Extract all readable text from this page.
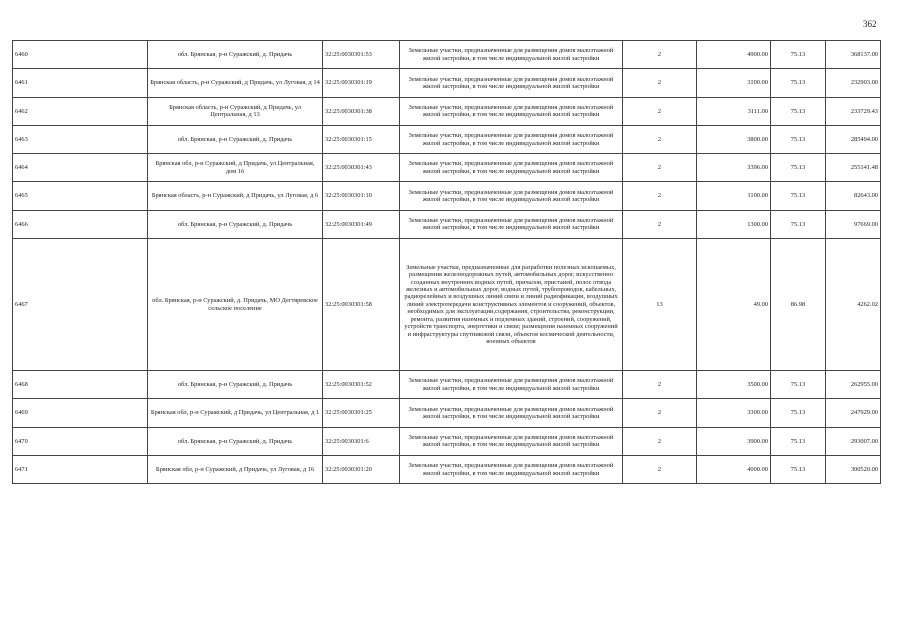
362
6460	обл. Брянская, р-н Суражский, д. Придачь	32:25:0030301:53	Земельные участки, предназначенные для размещения домов малоэтажной жилой застройки, в том числе индивидуальной жилой застройки	2	4900.00	75.13	368137.00
6461	Брянская область, р-н Суражский, д Придачь, ул Луговая, д 14	32:25:0030301:19	Земельные участки, предназначенные для размещения домов малоэтажной жилой застройки, в том числе индивидуальной жилой застройки	2	3100.00	75.13	232903.00
6462	Брянская область, р-н Суражский, д Придачь, ул Центральная, д 13	32:25:0030301:38	Земельные участки, предназначенные для размещения домов малоэтажной жилой застройки, в том числе индивидуальной жилой застройки	2	3111.00	75.13	233729.43
6463	обл. Брянская, р-н Суражский, д. Придачь	32:25:0030301:15	Земельные участки, предназначенные для размещения домов малоэтажной жилой застройки, в том числе индивидуальной жилой застройки	2	3800.00	75.13	285494.00
6464	Брянская обл, р-н Суражский, д Придачь, ул Центральная, дом 16	32:25:0030301:43	Земельные участки, предназначенные для размещения домов малоэтажной жилой застройки, в том числе индивидуальной жилой застройки	2	3396.00	75.13	255141.48
6465	Брянская область, р-н Суражский, д Придачь, ул Луговая, д 6	32:25:0030301:10	Земельные участки, предназначенные для размещения домов малоэтажной жилой застройки, в том числе индивидуальной жилой застройки	2	1100.00	75.13	82643.00
6466	обл. Брянская, р-н Суражский, д. Придачь	32:25:0030301:49	Земельные участки, предназначенные для размещения домов малоэтажной жилой застройки, в том числе индивидуальной жилой застройки	2	1300.00	75.13	97669.00
6467	обл. Брянская, р-н Суражский, д. Придачь, МО Дегтяревское сельское поселение	32:25:0030301:58	Земельные участки, предназначенные для разработки полезных ископаемых, размещения железнодорожных путей, автомобильных дорог, искусственно созданных внутренних водных путей, причалов, пристаней, полос отвода железных и автомобильных дорог, водных путей, трубопроводов, кабельных, радиорелейных и воздушных линий связи и линий радиофикации, воздушных линий электропередачи конструктивных элементов и сооружений, объектов, необходимых для эксплуатации,содержания, строительства, реконструкции, ремонта, развития наземных и подземных зданий, строений, сооружений, устройств транспорта, энергетики и связи; размещения наземных сооружений и инфраструктуры спутниковой связи, объектов космической деятельности, военных объектов	13	49.00	86.98	4262.02
6468	обл. Брянская, р-н Суражский, д. Придачь	32:25:0030301:52	Земельные участки, предназначенные для размещения домов малоэтажной жилой застройки, в том числе индивидуальной жилой застройки	2	3500.00	75.13	262955.00
6469	Брянская обл, р-н Суражский, д Придачь, ул Центральная, д 1	32:25:0030301:25	Земельные участки, предназначенные для размещения домов малоэтажной жилой застройки, в том числе индивидуальной жилой застройки	2	3300.00	75.13	247929.00
6470	обл. Брянская, р-н Суражский, д. Придачь	32:25:0030301:6	Земельные участки, предназначенные для размещения домов малоэтажной жилой застройки, в том числе индивидуальной жилой застройки	2	3900.00	75.13	293007.00
6471	Брянская обл, р-н Суражский, д Придачь, ул Луговая, д 16	32:25:0030301:20	Земельные участки, предназначенные для размещения домов малоэтажной жилой застройки, в том числе индивидуальной жилой застройки	2	4000.00	75.13	300520.00
